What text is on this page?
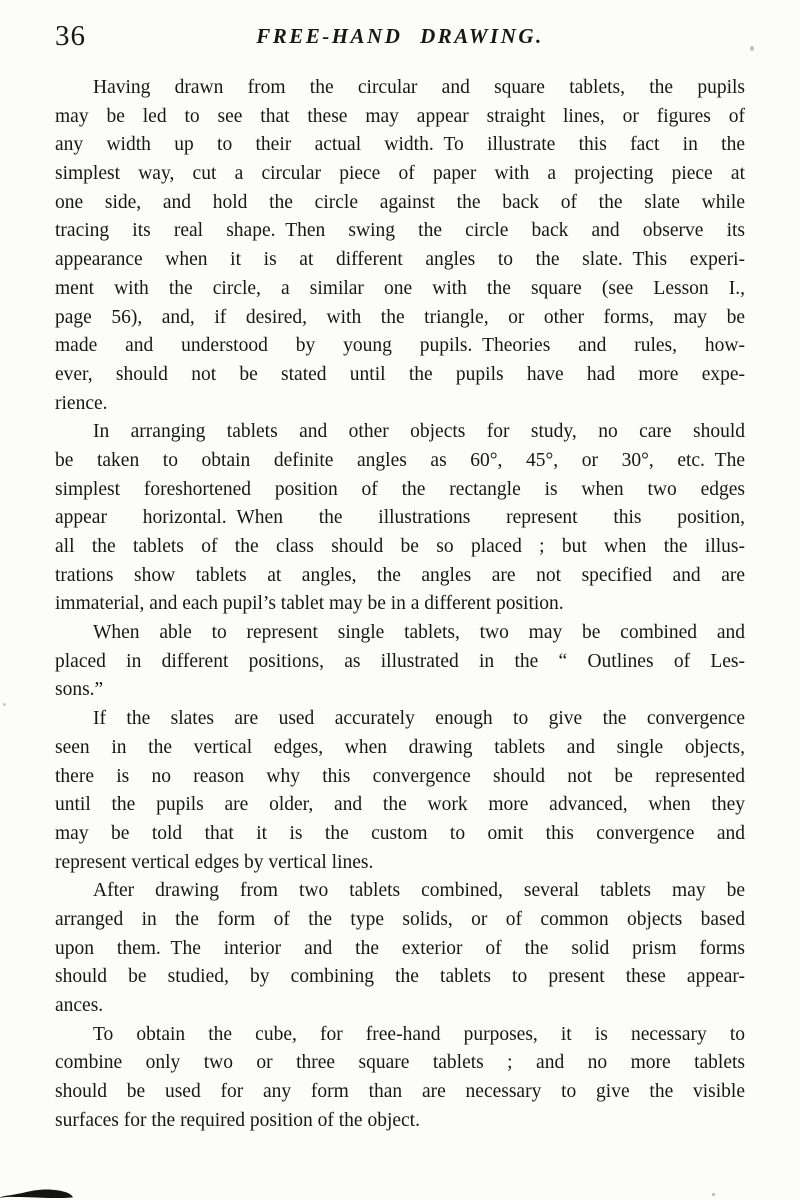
36	FREE-HAND DRAWING.
Having drawn from the circular and square tablets, the pupils
may be led to see that these may appear straight lines, or figures of
any width up to their actual width. To illustrate this fact in the
simplest way, cut a circular piece of paper with a projecting piece at
one side, and hold the circle against the back of the slate while
tracing its real shape. Then swing the circle back and observe its
appearance when it is at different angles to the slate. This experi-
ment with the circle, a similar one with the square (see Lesson I.,
page 56), and, if desired, with the triangle, or other forms, may be
made and understood by young pupils. Theories and rules, how-
ever, should not be stated until the pupils have had more expe-
rience.
In arranging tablets and other objects for study, no care should
be taken to obtain definite angles as 60°, 45°, or 30°, etc. The
simplest foreshortened position of the rectangle is when two edges
appear horizontal. When the illustrations represent this position,
all the tablets of the class should be so placed ; but when the illus-
trations show tablets at angles, the angles are not specified and are
immaterial, and each pupil’s tablet may be in a different position.
When able to represent single tablets, two may be combined and
placed in different positions, as illustrated in the “ Outlines of Les-
sons.”
If the slates are used accurately enough to give the convergence
seen in the vertical edges, when drawing tablets and single objects,
there is no reason why this convergence should not be represented
until the pupils are older, and the work more advanced, when they
may be told that it is the custom to omit this convergence and
represent vertical edges by vertical lines.
After drawing from two tablets combined, several tablets may be
arranged in the form of the type solids, or of common objects based
upon them. The interior and the exterior of the solid prism forms
should be studied, by combining the tablets to present these appear-
ances.
To obtain the cube, for free-hand purposes, it is necessary to
combine only two or three square tablets ; and no more tablets
should be used for any form than are necessary to give the visible
surfaces for the required position of the object.
